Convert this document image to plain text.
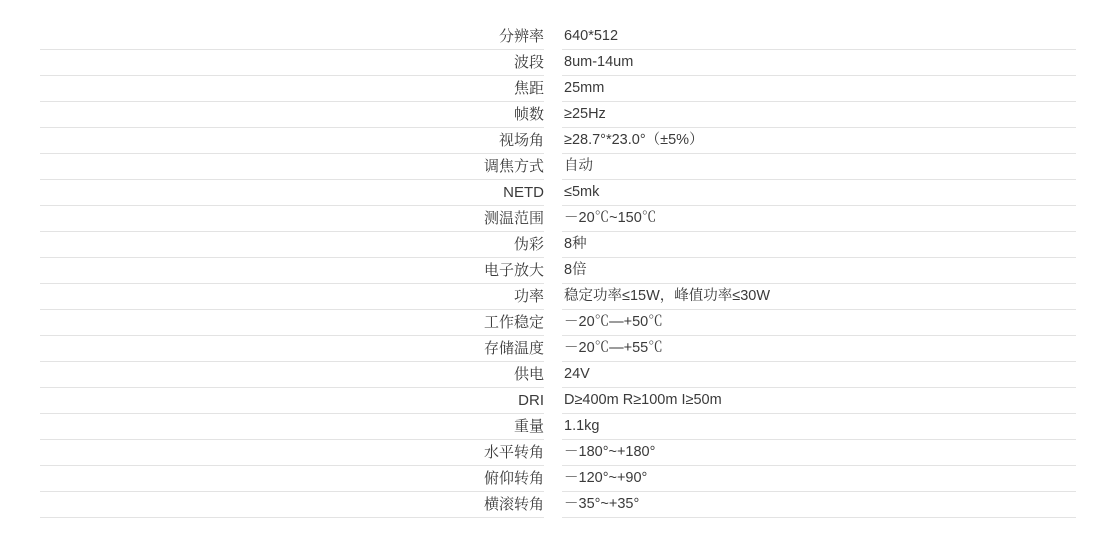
分辨率		640*512
波段		8um-14um
焦距		25mm
帧数		≥25Hz
视场角		≥28.7°*23.0°（±5%）
调焦方式		自动
NETD		≤5mk
测温范围		－20℃~150℃
伪彩		8种
电子放大		8倍
功率		稳定功率≤15W，峰值功率≤30W
工作稳定		－20℃—+50℃
存储温度		－20℃—+55℃
供电		24V
DRI		D≥400m R≥100m I≥50m
重量		1.1kg
水平转角		－180°~+180°
俯仰转角		－120°~+90°
横滚转角		－35°~+35°
